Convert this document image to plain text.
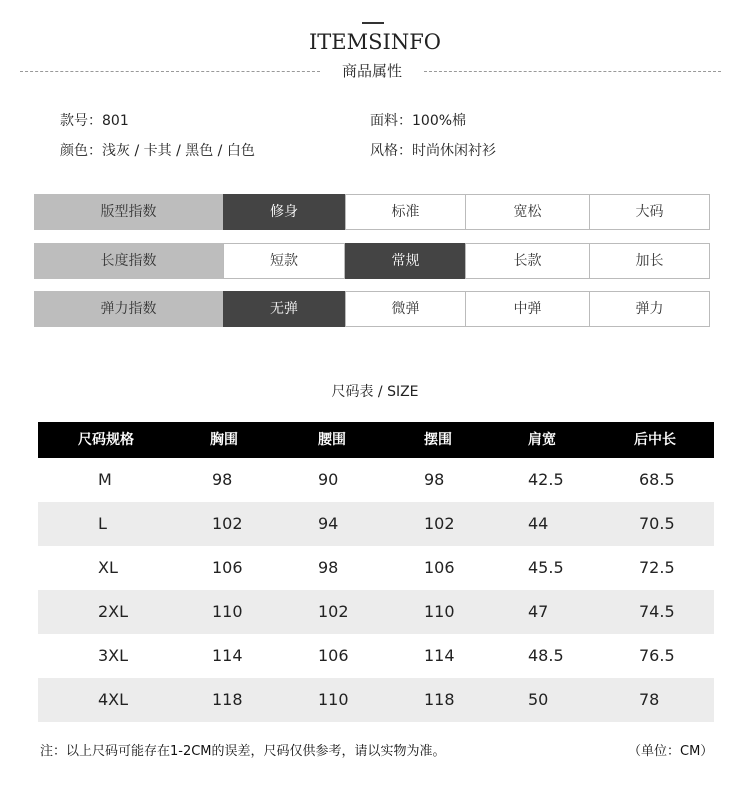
ITEMSINFO
商品属性
款号：801	面料：100%棉
颜色：浅灰 / 卡其 / 黑色 / 白色	风格：时尚休闲衬衫
版型指数	修身	标准	宽松	大码
长度指数	短款	常规	长款	加长
弹力指数	无弹	微弹	中弹	弹力
尺码表 / SIZE
尺码规格	胸围	腰围	摆围	肩宽	后中长
M	98	90	98	42.5	68.5
L	102	94	102	44	70.5
XL	106	98	106	45.5	72.5
2XL	110	102	110	47	74.5
3XL	114	106	114	48.5	76.5
4XL	118	110	118	50	78
注：以上尺码可能存在1-2CM的误差，尺码仅供参考，请以实物为准。	（单位：CM）
